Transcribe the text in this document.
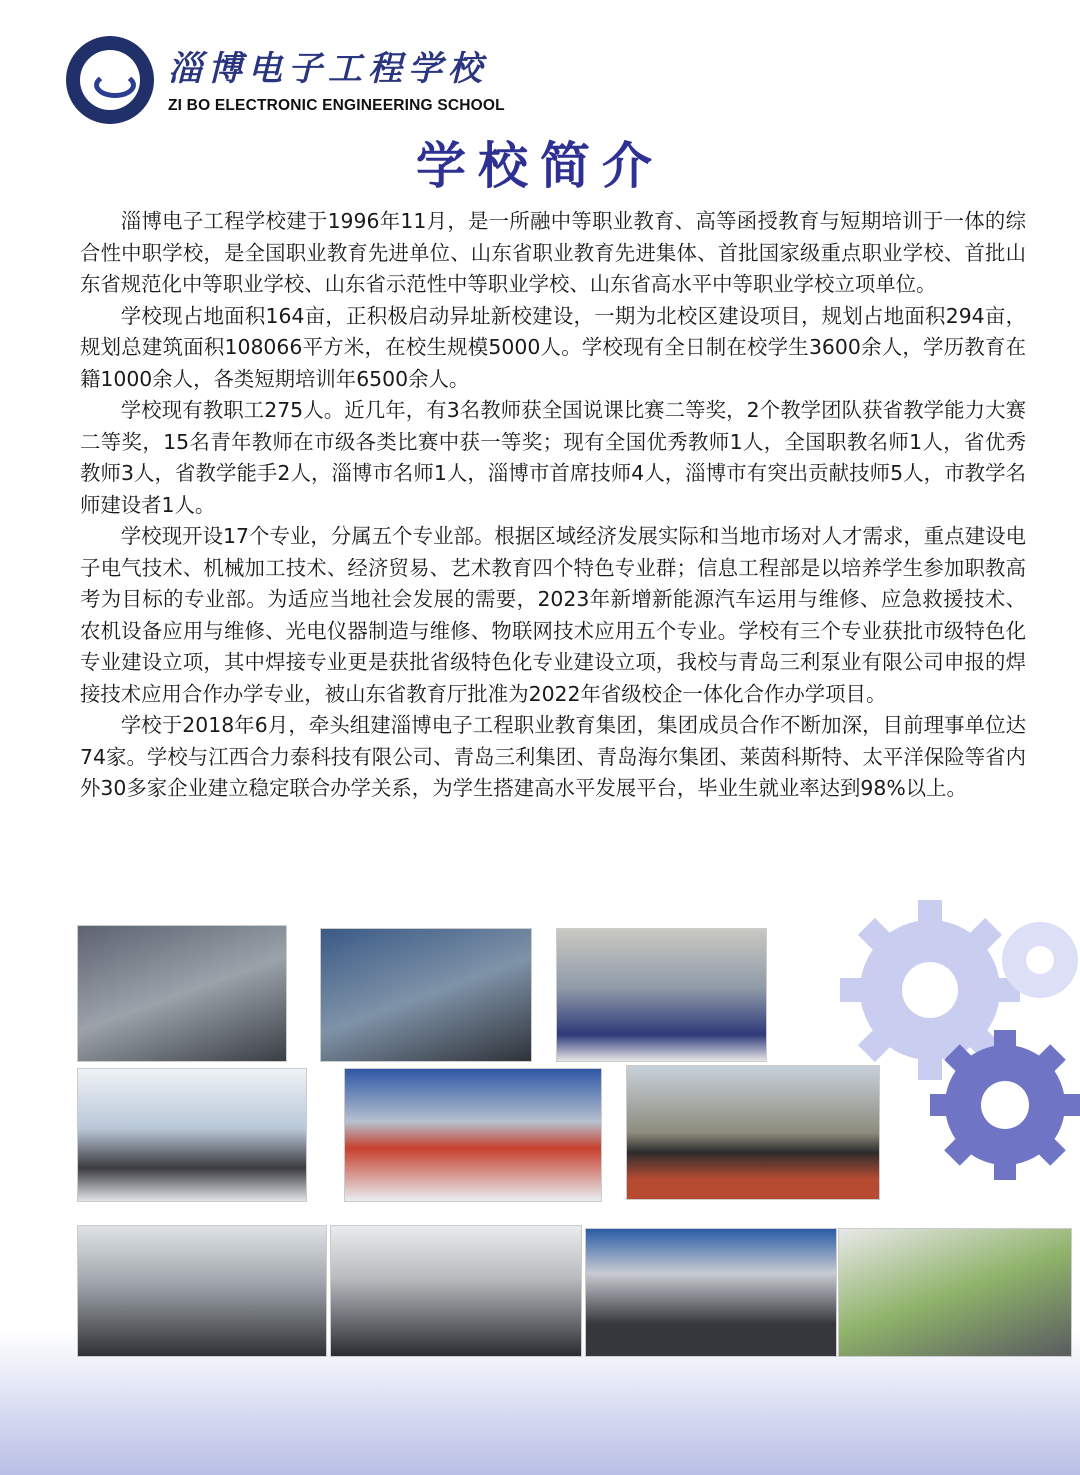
淄博电子工程学校
ZI BO ELECTRONIC ENGINEERING SCHOOL
学校简介

淄博电子工程学校建于1996年11月，是一所融中等职业教育、高等函授教育与短期培训于一体的综合性中职学校，是全国职业教育先进单位、山东省职业教育先进集体、首批国家级重点职业学校、首批山东省规范化中等职业学校、山东省示范性中等职业学校、山东省高水平中等职业学校立项单位。

学校现占地面积164亩，正积极启动异址新校建设，一期为北校区建设项目，规划占地面积294亩，规划总建筑面积108066平方米，在校生规模5000人。学校现有全日制在校学生3600余人，学历教育在籍1000余人，各类短期培训年6500余人。

学校现有教职工275人。近几年，有3名教师获全国说课比赛二等奖，2个教学团队获省教学能力大赛二等奖，15名青年教师在市级各类比赛中获一等奖；现有全国优秀教师1人，全国职教名师1人，省优秀教师3人，省教学能手2人，淄博市名师1人，淄博市首席技师4人，淄博市有突出贡献技师5人，市教学名师建设者1人。

学校现开设17个专业，分属五个专业部。根据区域经济发展实际和当地市场对人才需求，重点建设电子电气技术、机械加工技术、经济贸易、艺术教育四个特色专业群；信息工程部是以培养学生参加职教高考为目标的专业部。为适应当地社会发展的需要，2023年新增新能源汽车运用与维修、应急救援技术、农机设备应用与维修、光电仪器制造与维修、物联网技术应用五个专业。学校有三个专业获批市级特色化专业建设立项，其中焊接专业更是获批省级特色化专业建设立项，我校与青岛三利泵业有限公司申报的焊接技术应用合作办学专业，被山东省教育厅批准为2022年省级校企一体化合作办学项目。

学校于2018年6月，牵头组建淄博电子工程职业教育集团，集团成员合作不断加深，目前理事单位达74家。学校与江西合力泰科技有限公司、青岛三利集团、青岛海尔集团、莱茵科斯特、太平洋保险等省内外30多家企业建立稳定联合办学关系，为学生搭建高水平发展平台，毕业生就业率达到98%以上。
